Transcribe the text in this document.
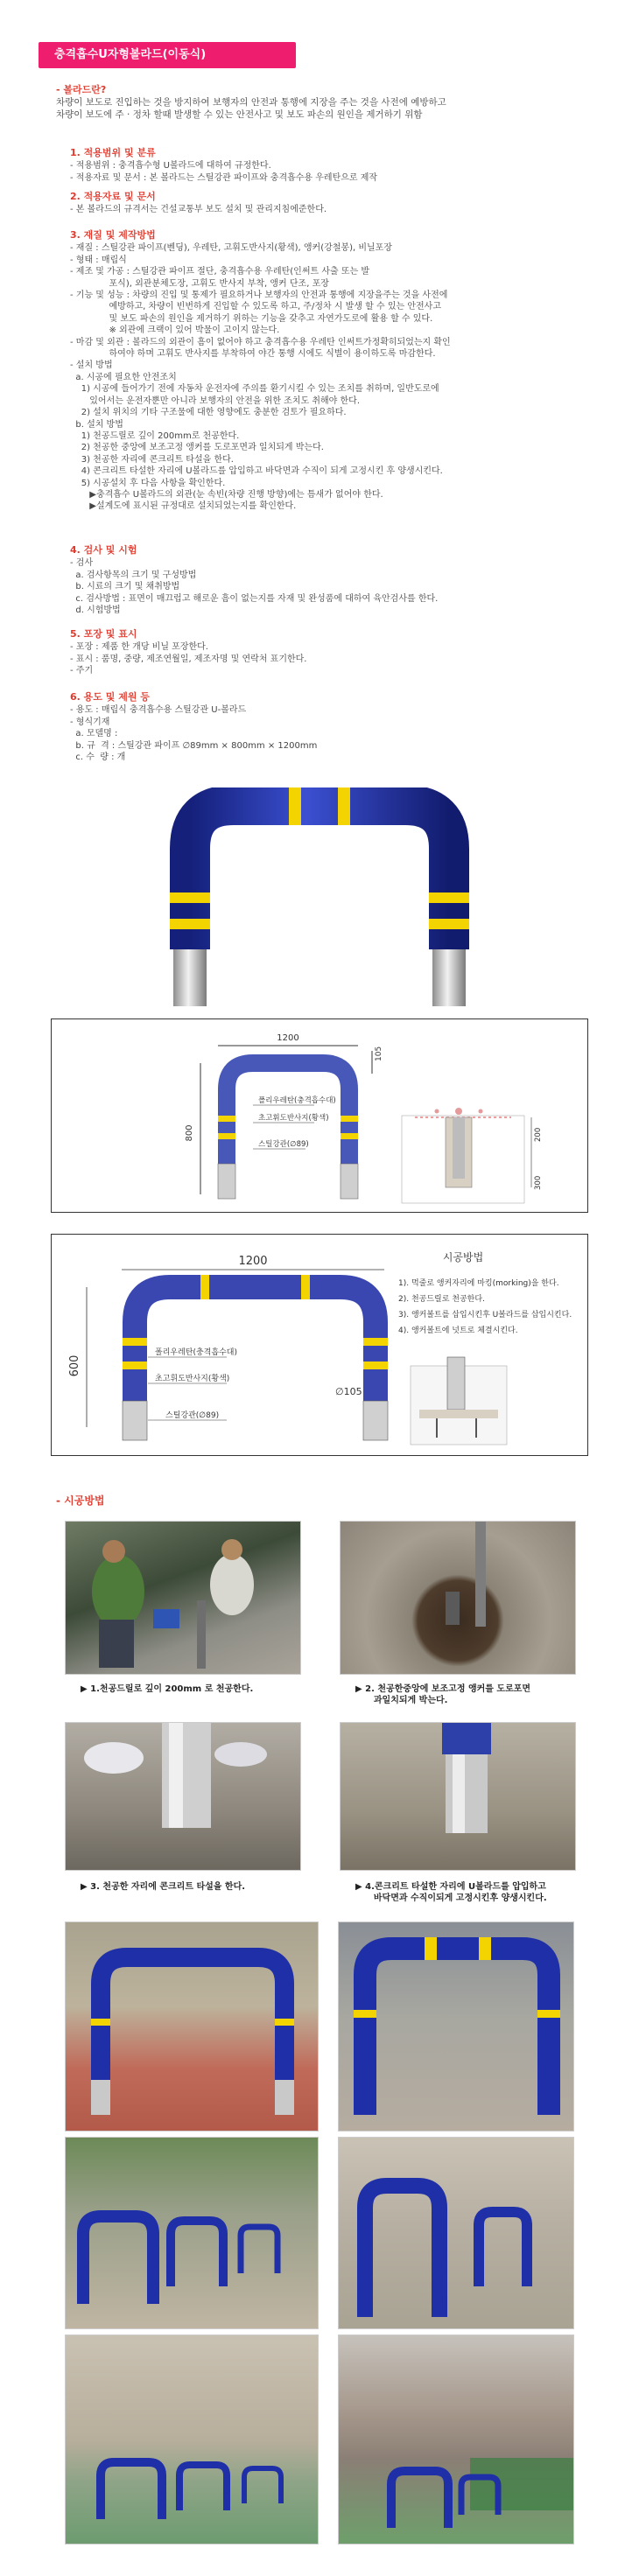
충격흡수U자형볼라드(이동식)
- 볼라드란?
차량이 보도로 진입하는 것을 방지하여 보행자의 안전과 통행에 지장을 주는 것을 사전에 예방하고
차량이 보도에 주 · 정차 할때 발생할 수 있는 안전사고 및 보도 파손의 원인을 제거하기 위함
1. 적용범위 및 분류
- 적용범위 : 충격흡수형 U볼라드에 대하여 규정한다.
- 적용자료 및 문서 : 본 볼라드는 스틸강관 파이프와 충격흡수용 우레탄으로 제작
2. 적용자료 및 문서
- 본 볼라드의 규격서는 건설교통부 보도 설치 및 관리지침에준한다.
3. 재질 및 제작방법
- 재질 : 스틸강관 파이프(벤딩), 우레탄, 고휘도반사지(황색), 앵커(강철봉), 비닐포장
- 형태 : 매립식
- 제조 및 가공 : 스틸강관 파이프 절단, 충격흡수용 우레탄(인써트 사출 또는 발
포식), 외관분체도장, 고휘도 반사지 부착, 앵커 단조, 포장
- 기능 및 성능 : 차량의 진입 및 통제가 필요하거나 보행자의 안전과 통행에 지장을주는 것을 사전에
예방하고, 차량이 빈번하게 진입할 수 있도록 하고, 주/정차 시 발생 할 수 있는 안전사고
및 보도 파손의 원인을 제거하기 위하는 기능을 갖추고 자연가도로에 활용 할 수 있다.
※ 외관에 크랙이 있어 박물이 고이지 않는다.
- 마감 및 외관 : 볼라드의 외관이 흠이 없어야 하고 충격흡수용 우레탄 인써트가정확히되었는지 확인
하여야 하며 고휘도 반사지를 부착하여 야간 통행 시에도 식별이 용이하도록 마감한다.
- 설치 방법
a. 시공에 필요한 안전조치
1) 시공에 들어가기 전에 자동차 운전자에 주의를 환기시킬 수 있는 조치를 취하며, 일반도로에
있어서는 운전자뿐만 아니라 보행자의 안전을 위한 조치도 취해야 한다.
2) 설치 위치의 기타 구조물에 대한 영향에도 충분한 검토가 필요하다.
b. 설치 방법
1) 천공드릴로 깊이 200mm로 천공한다.
2) 천공한 중앙에 보조고정 앵커를 도로포면과 일치되게 박는다.
3) 천공한 자리에 콘크리트 타설을 한다.
4) 콘크리트 타설한 자리에 U볼라드를 압입하고 바닥면과 수직이 되게 고정시킨 후 양생시킨다.
5) 시공설치 후 다음 사항을 확인한다.
▶충격흡수 U볼라드의 외관(눈 속빈(차량 진행 방향)에는 틈새가 없어야 한다.
▶설계도에 표시된 규정대로 설치되었는지를 확인한다.
4. 검사 및 시험
- 검사
a. 검사항목의 크기 및 구성방법
b. 시료의 크기 및 채취방법
c. 검사방법 : 표면이 매끄럽고 해로운 흠이 없는지를 자재 및 완성품에 대하여 육안검사를 한다.
d. 시험방법
5. 포장 및 표시
- 포장 : 제품 한 개당 비닐 포장한다.
- 표시 : 품명, 중량, 제조연월일, 제조자명 및 연락처 표기한다.
- 주기
6. 용도 및 제원 등
- 용도 : 매립식 충격흡수용 스틸강관 U-볼라드
- 형식기재
a. 모델명 :
b. 규  격 : 스틸강관 파이프 ∅89mm × 800mm × 1200mm
c. 수  량 : 개
1200
800
105
폴리우레탄(충격흡수대)
초고휘도반사지(황색)
스틸강관(∅89)
200
300
1200
600
폴리우레탄(충격흡수대)
초고휘도반사지(황색)
스틸강관(∅89)
∅105
시공방법
1). 먹줄로 앵커자리에 마킹(morking)을 한다.
2). 천공드릴로 천공한다.
3). 앵커볼트를 삽입시킨후 U볼라드를 삽입시킨다.
4). 앵커볼트에 넛트로 체결시킨다.
- 시공방법
▶ 1.천공드릴로 깊이 200mm 로 천공한다.	▶ 2. 천공한중앙에 보조고정 앵커를 도로포면
과일치되게 박는다.
▶ 3. 천공한 자리에 콘크리트 타설을 한다.	▶ 4.콘크리트 타설한 자리에 U볼라드를 압입하고
바닥면과 수직이되게 고정시킨후 양생시킨다.
